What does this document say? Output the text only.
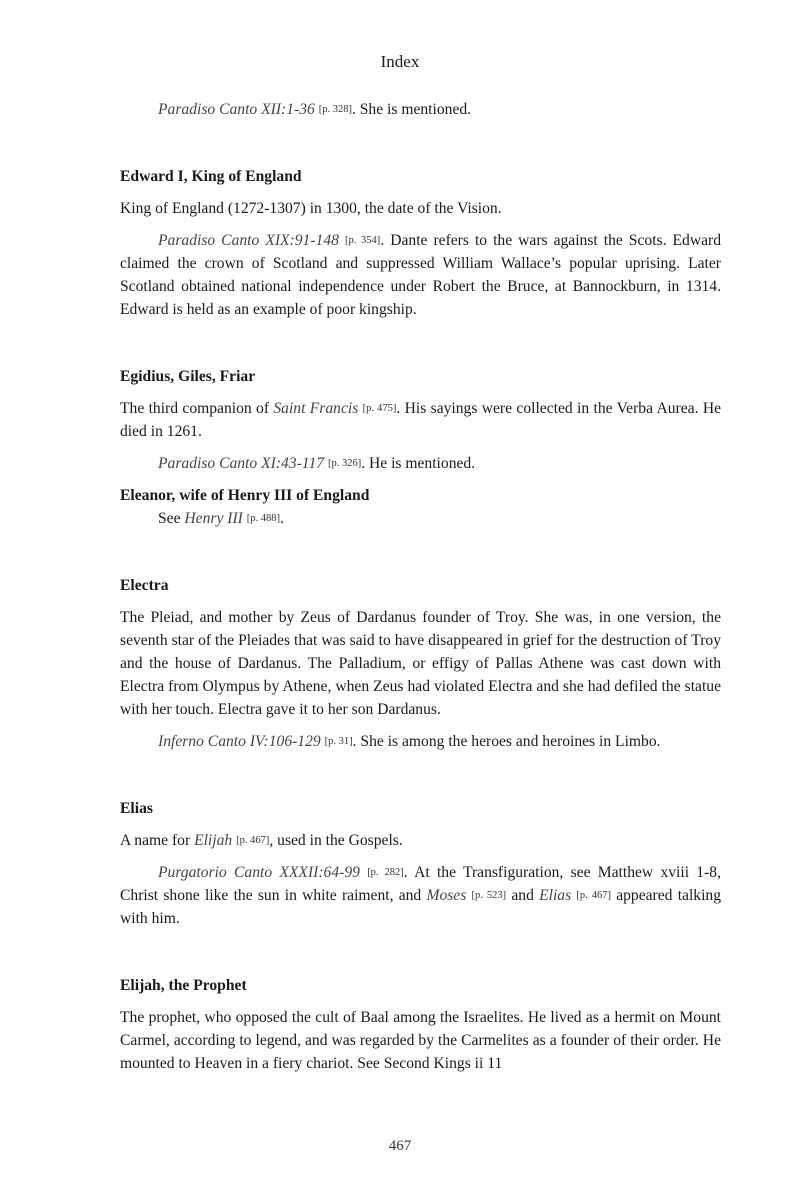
Index

Paradiso Canto XII:1-36 [p. 328]. She is mentioned.

Edward I, King of England

King of England (1272-1307) in 1300, the date of the Vision.

Paradiso Canto XIX:91-148 [p. 354]. Dante refers to the wars against the Scots. Edward claimed the crown of Scotland and suppressed William Wallace’s popular uprising. Later Scotland obtained national independence under Robert the Bruce, at Bannockburn, in 1314. Edward is held as an example of poor kingship.

Egidius, Giles, Friar

The third companion of Saint Francis [p. 475]. His sayings were collected in the Verba Aurea. He died in 1261.

Paradiso Canto XI:43-117 [p. 326]. He is mentioned.

Eleanor, wife of Henry III of England

See Henry III [p. 488].

Electra

The Pleiad, and mother by Zeus of Dardanus founder of Troy. She was, in one version, the seventh star of the Pleiades that was said to have disappeared in grief for the destruction of Troy and the house of Dardanus. The Palladium, or effigy of Pallas Athene was cast down with Electra from Olympus by Athene, when Zeus had violated Electra and she had defiled the statue with her touch. Electra gave it to her son Dardanus.

Inferno Canto IV:106-129 [p. 31]. She is among the heroes and heroines in Limbo.

Elias

A name for Elijah [p. 467], used in the Gospels.

Purgatorio Canto XXXII:64-99 [p. 282]. At the Transfiguration, see Matthew xviii 1-8, Christ shone like the sun in white raiment, and Moses [p. 523] and Elias [p. 467] appeared talking with him.

Elijah, the Prophet

The prophet, who opposed the cult of Baal among the Israelites. He lived as a hermit on Mount Carmel, according to legend, and was regarded by the Carmelites as a founder of their order. He mounted to Heaven in a fiery chariot. See Second Kings ii 11

467
